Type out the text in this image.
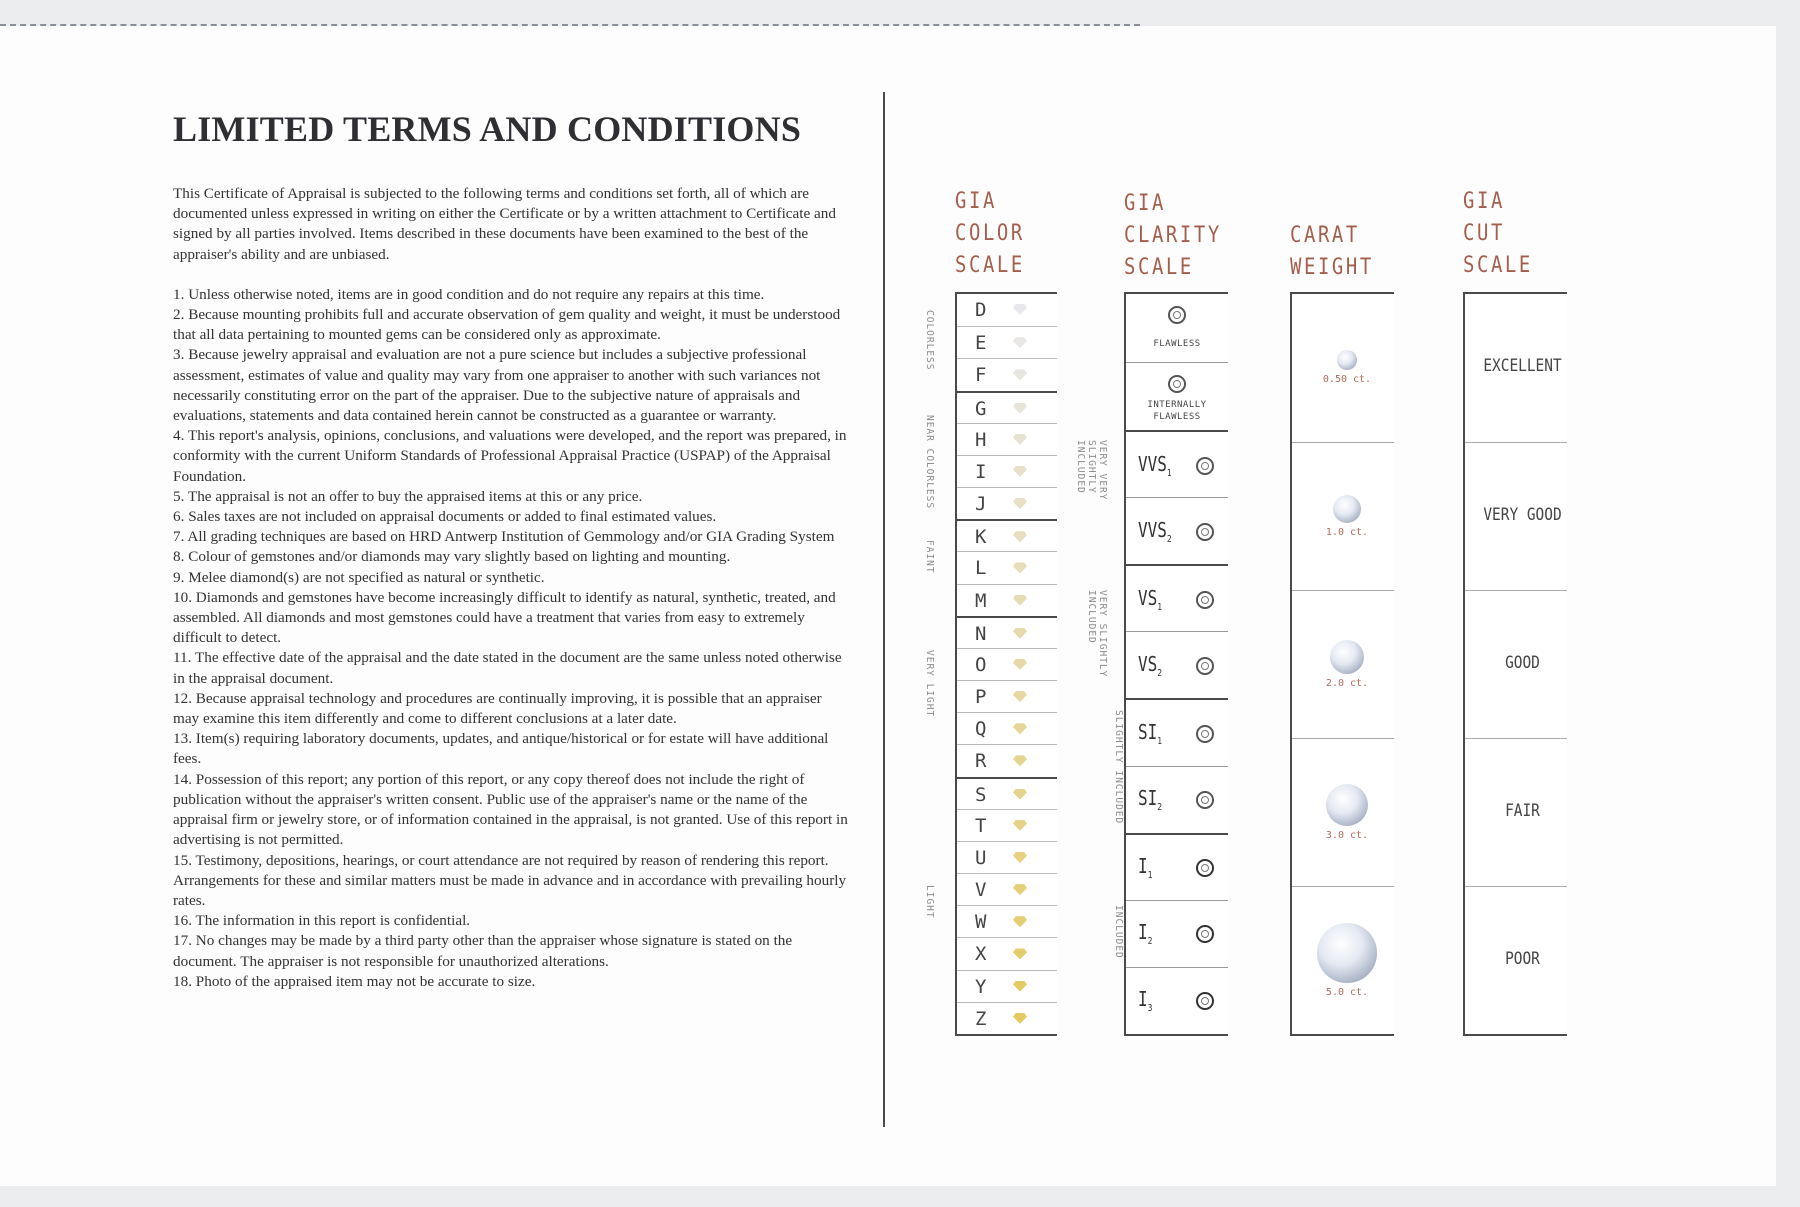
LIMITED TERMS AND CONDITIONS

This Certificate of Appraisal is subjected to the following terms and conditions set forth, all of which are documented unless expressed in writing on either the Certificate or by a written attachment to Certificate and signed by all parties involved. Items described in these documents have been examined to the best of the appraiser's ability and are unbiased.

1. Unless otherwise noted, items are in good condition and do not require any repairs at this time.

2. Because mounting prohibits full and accurate observation of gem quality and weight, it must be understood that all data pertaining to mounted gems can be considered only as approximate.

3. Because jewelry appraisal and evaluation are not a pure science but includes a subjective professional assessment, estimates of value and quality may vary from one appraiser to another with such variances not necessarily constituting error on the part of the appraiser. Due to the subjective nature of appraisals and evaluations, statements and data contained herein cannot be constructed as a guarantee or warranty.

4. This report's analysis, opinions, conclusions, and valuations were developed, and the report was prepared, in conformity with the current Uniform Standards of Professional Appraisal Practice (USPAP) of the Appraisal Foundation.

5. The appraisal is not an offer to buy the appraised items at this or any price.

6. Sales taxes are not included on appraisal documents or added to final estimated values.

7. All grading techniques are based on HRD Antwerp Institution of Gemmology and/or GIA Grading System

8. Colour of gemstones and/or diamonds may vary slightly based on lighting and mounting.

9. Melee diamond(s) are not specified as natural or synthetic.

10. Diamonds and gemstones have become increasingly difficult to identify as natural, synthetic, treated, and assembled. All diamonds and most gemstones could have a treatment that varies from easy to extremely difficult to detect.

11. The effective date of the appraisal and the date stated in the document are the same unless noted otherwise in the appraisal document.

12. Because appraisal technology and procedures are continually improving, it is possible that an appraiser may examine this item differently and come to different conclusions at a later date.

13. Item(s) requiring laboratory documents, updates, and antique/historical or for estate will have additional fees.

14. Possession of this report; any portion of this report, or any copy thereof does not include the right of publication without the appraiser's written consent. Public use of the appraiser's name or the name of the appraisal firm or jewelry store, or of information contained in the appraisal, is not granted. Use of this report in advertising is not permitted.

15. Testimony, depositions, hearings, or court attendance are not required by reason of rendering this report. Arrangements for these and similar matters must be made in advance and in accordance with prevailing hourly rates.

16. The information in this report is confidential.

17. No changes may be made by a third party other than the appraiser whose signature is stated on the document. The appraiser is not responsible for unauthorized alterations.

18. Photo of the appraised item may not be accurate to size.

GIA
COLOR
SCALE
GIA
CLARITY
SCALE
CARAT
WEIGHT
GIA
CUT
SCALE
D
E
F
G
H
I
J
K
L
M
N
O
P
Q
R
S
T
U
V
W
X
Y
Z
COLORLESS
NEAR COLORLESS
FAINT
VERY LIGHT
LIGHT
FLAWLESS
INTERNALLY
FLAWLESS
$VVS_1$
$VVS_2$
$VS_1$
$VS_2$
$SI_1$
$SI_2$
$I_1$
$I_2$
$I_3$
VERY VERY SLIGHTLY INCLUDED
VERY SLIGHTLY INCLUDED
SLIGHTLY INCLUDED
INCLUDED
0.50 ct.
1.0 ct.
2.0 ct.
3.0 ct.
5.0 ct.
EXCELLENT
VERY GOOD
GOOD
FAIR
POOR
